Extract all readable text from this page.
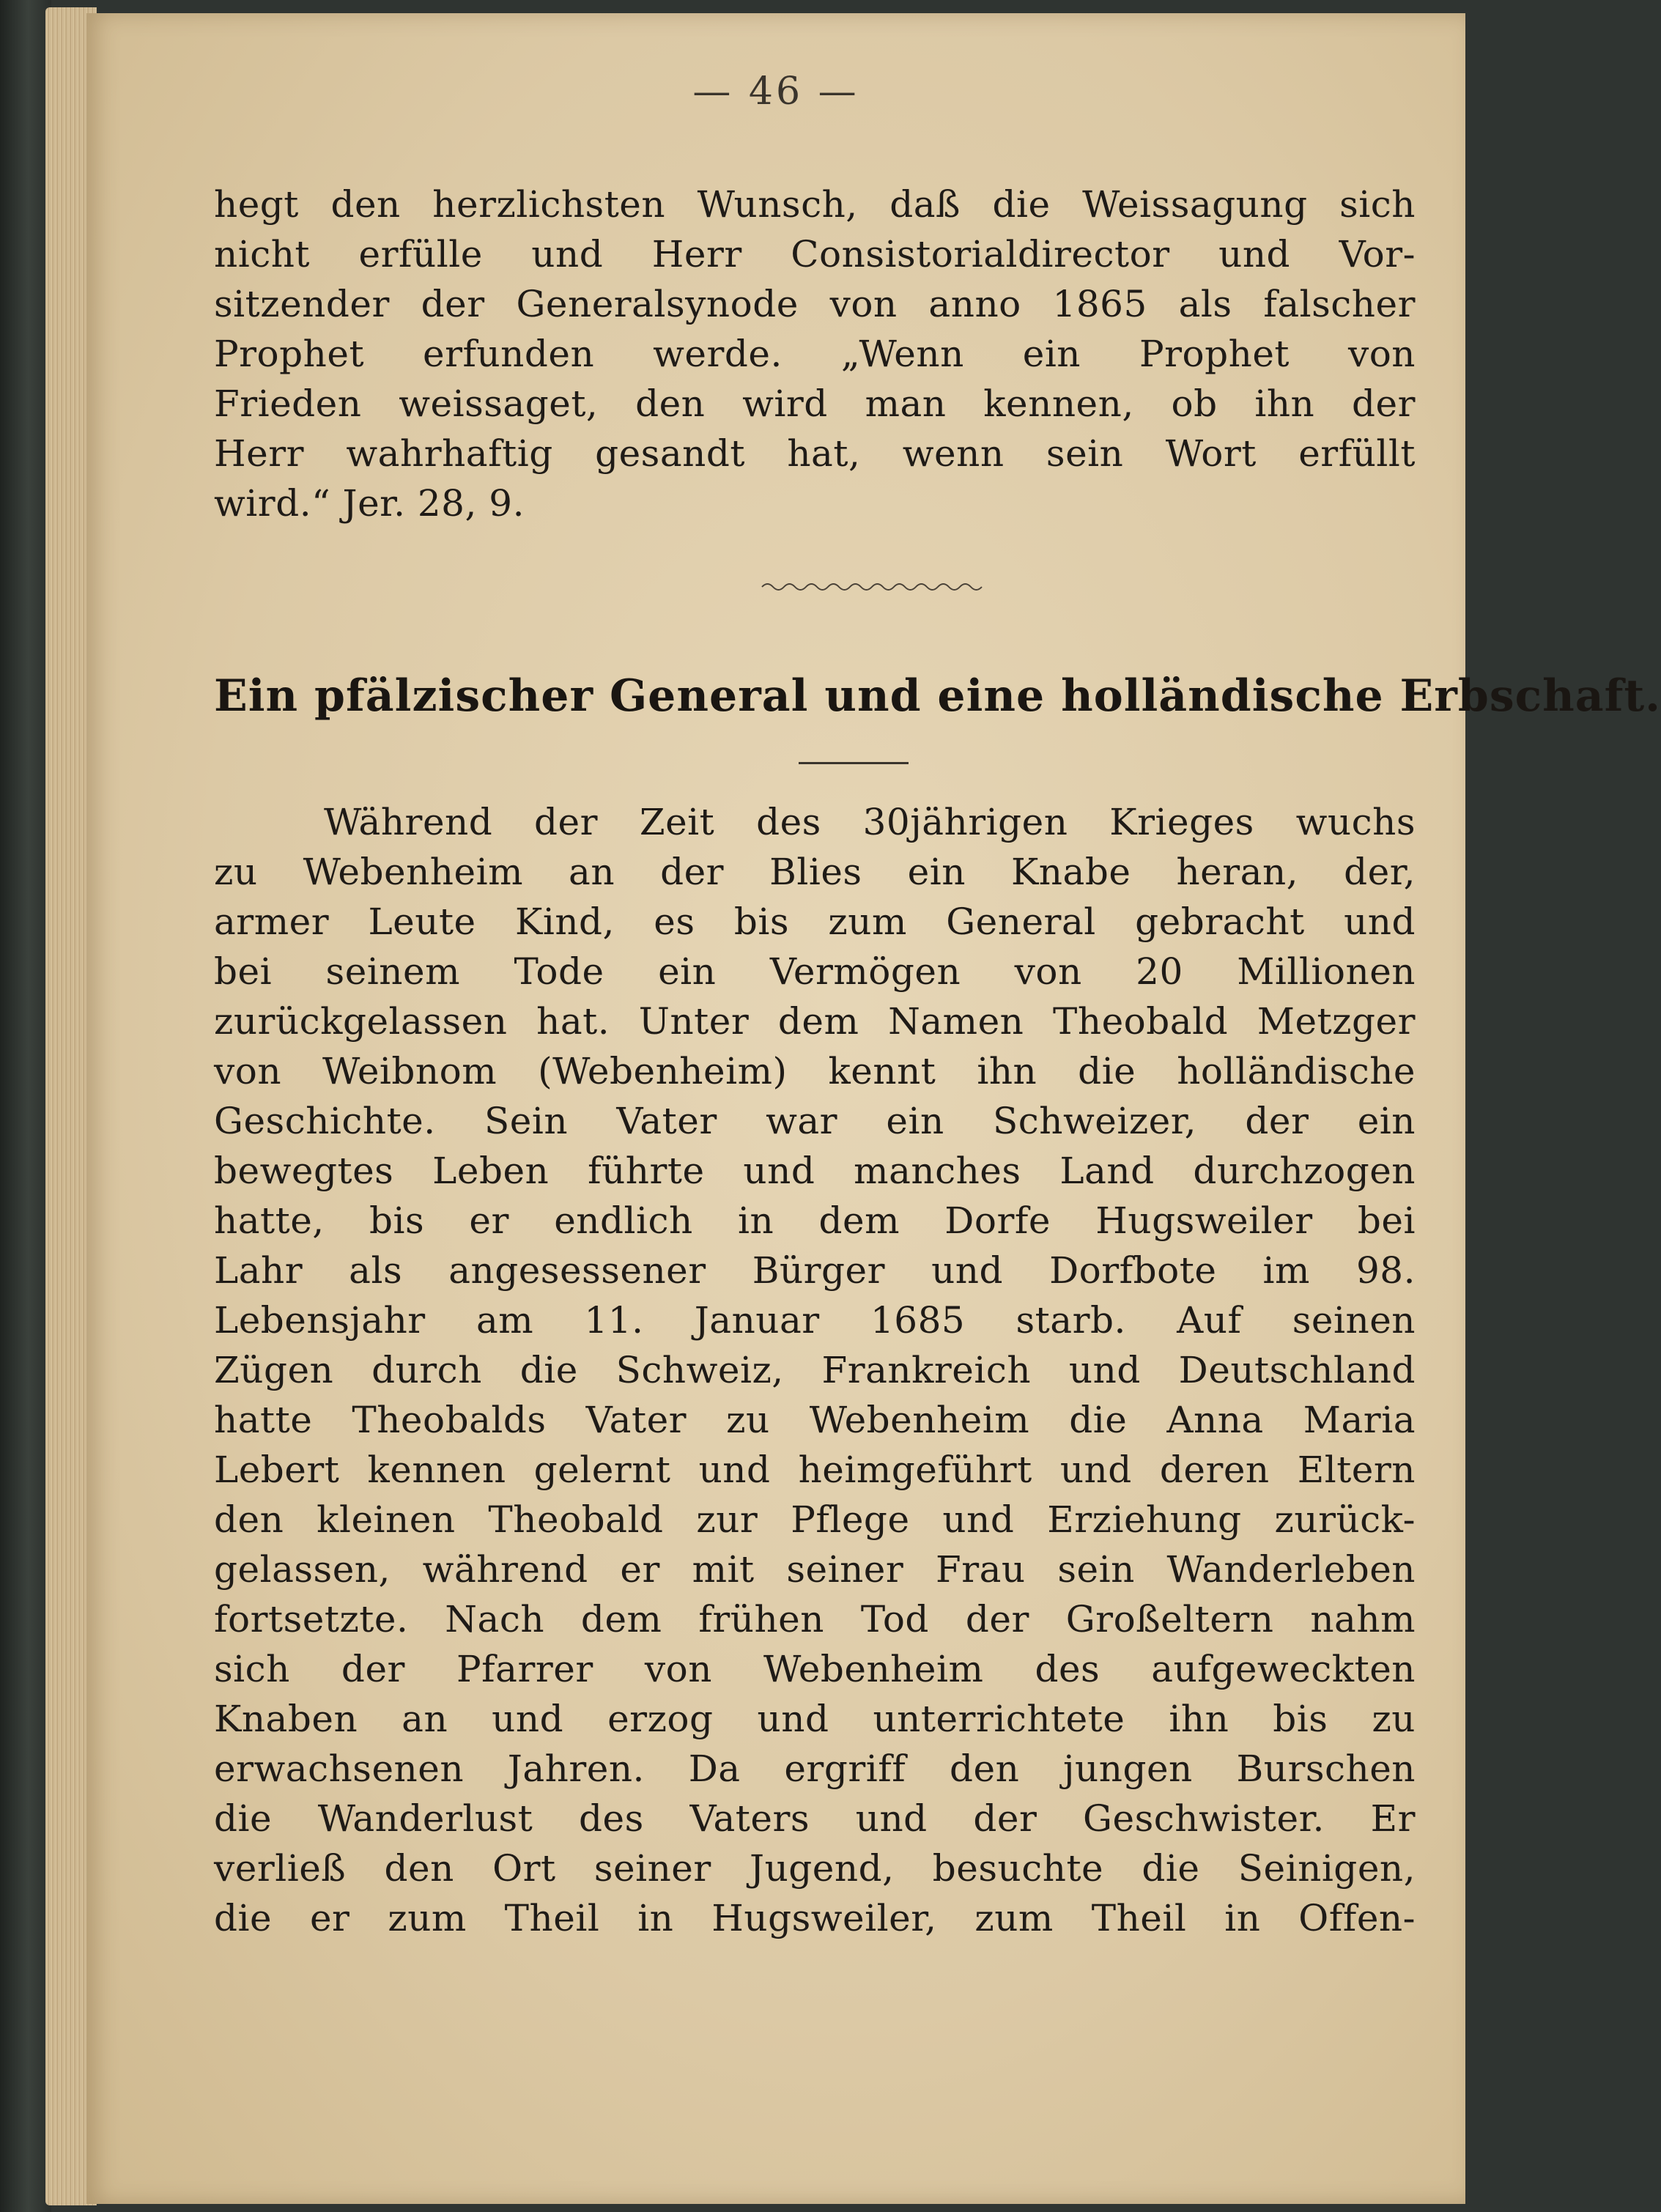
— 46 —
hegt den herzlichsten Wunsch, daß die Weissagung sich
nicht erfülle und Herr Consistorialdirector und Vor-
sitzender der Generalsynode von anno 1865 als falscher
Prophet erfunden werde. „Wenn ein Prophet von
Frieden weissaget, den wird man kennen, ob ihn der
Herr wahrhaftig gesandt hat, wenn sein Wort erfüllt
wird.“ Jer. 28, 9.
Ein pfälzischer General und eine holländische Erbschaft.
Während der Zeit des 30jährigen Krieges wuchs
zu Webenheim an der Blies ein Knabe heran, der,
armer Leute Kind, es bis zum General gebracht und
bei seinem Tode ein Vermögen von 20 Millionen
zurückgelassen hat. Unter dem Namen Theobald Metzger
von Weibnom (Webenheim) kennt ihn die holländische
Geschichte. Sein Vater war ein Schweizer, der ein
bewegtes Leben führte und manches Land durchzogen
hatte, bis er endlich in dem Dorfe Hugsweiler bei
Lahr als angesessener Bürger und Dorfbote im 98.
Lebensjahr am 11. Januar 1685 starb. Auf seinen
Zügen durch die Schweiz, Frankreich und Deutschland
hatte Theobalds Vater zu Webenheim die Anna Maria
Lebert kennen gelernt und heimgeführt und deren Eltern
den kleinen Theobald zur Pflege und Erziehung zurück-
gelassen, während er mit seiner Frau sein Wanderleben
fortsetzte. Nach dem frühen Tod der Großeltern nahm
sich der Pfarrer von Webenheim des aufgeweckten
Knaben an und erzog und unterrichtete ihn bis zu
erwachsenen Jahren. Da ergriff den jungen Burschen
die Wanderlust des Vaters und der Geschwister. Er
verließ den Ort seiner Jugend, besuchte die Seinigen,
die er zum Theil in Hugsweiler, zum Theil in Offen-
